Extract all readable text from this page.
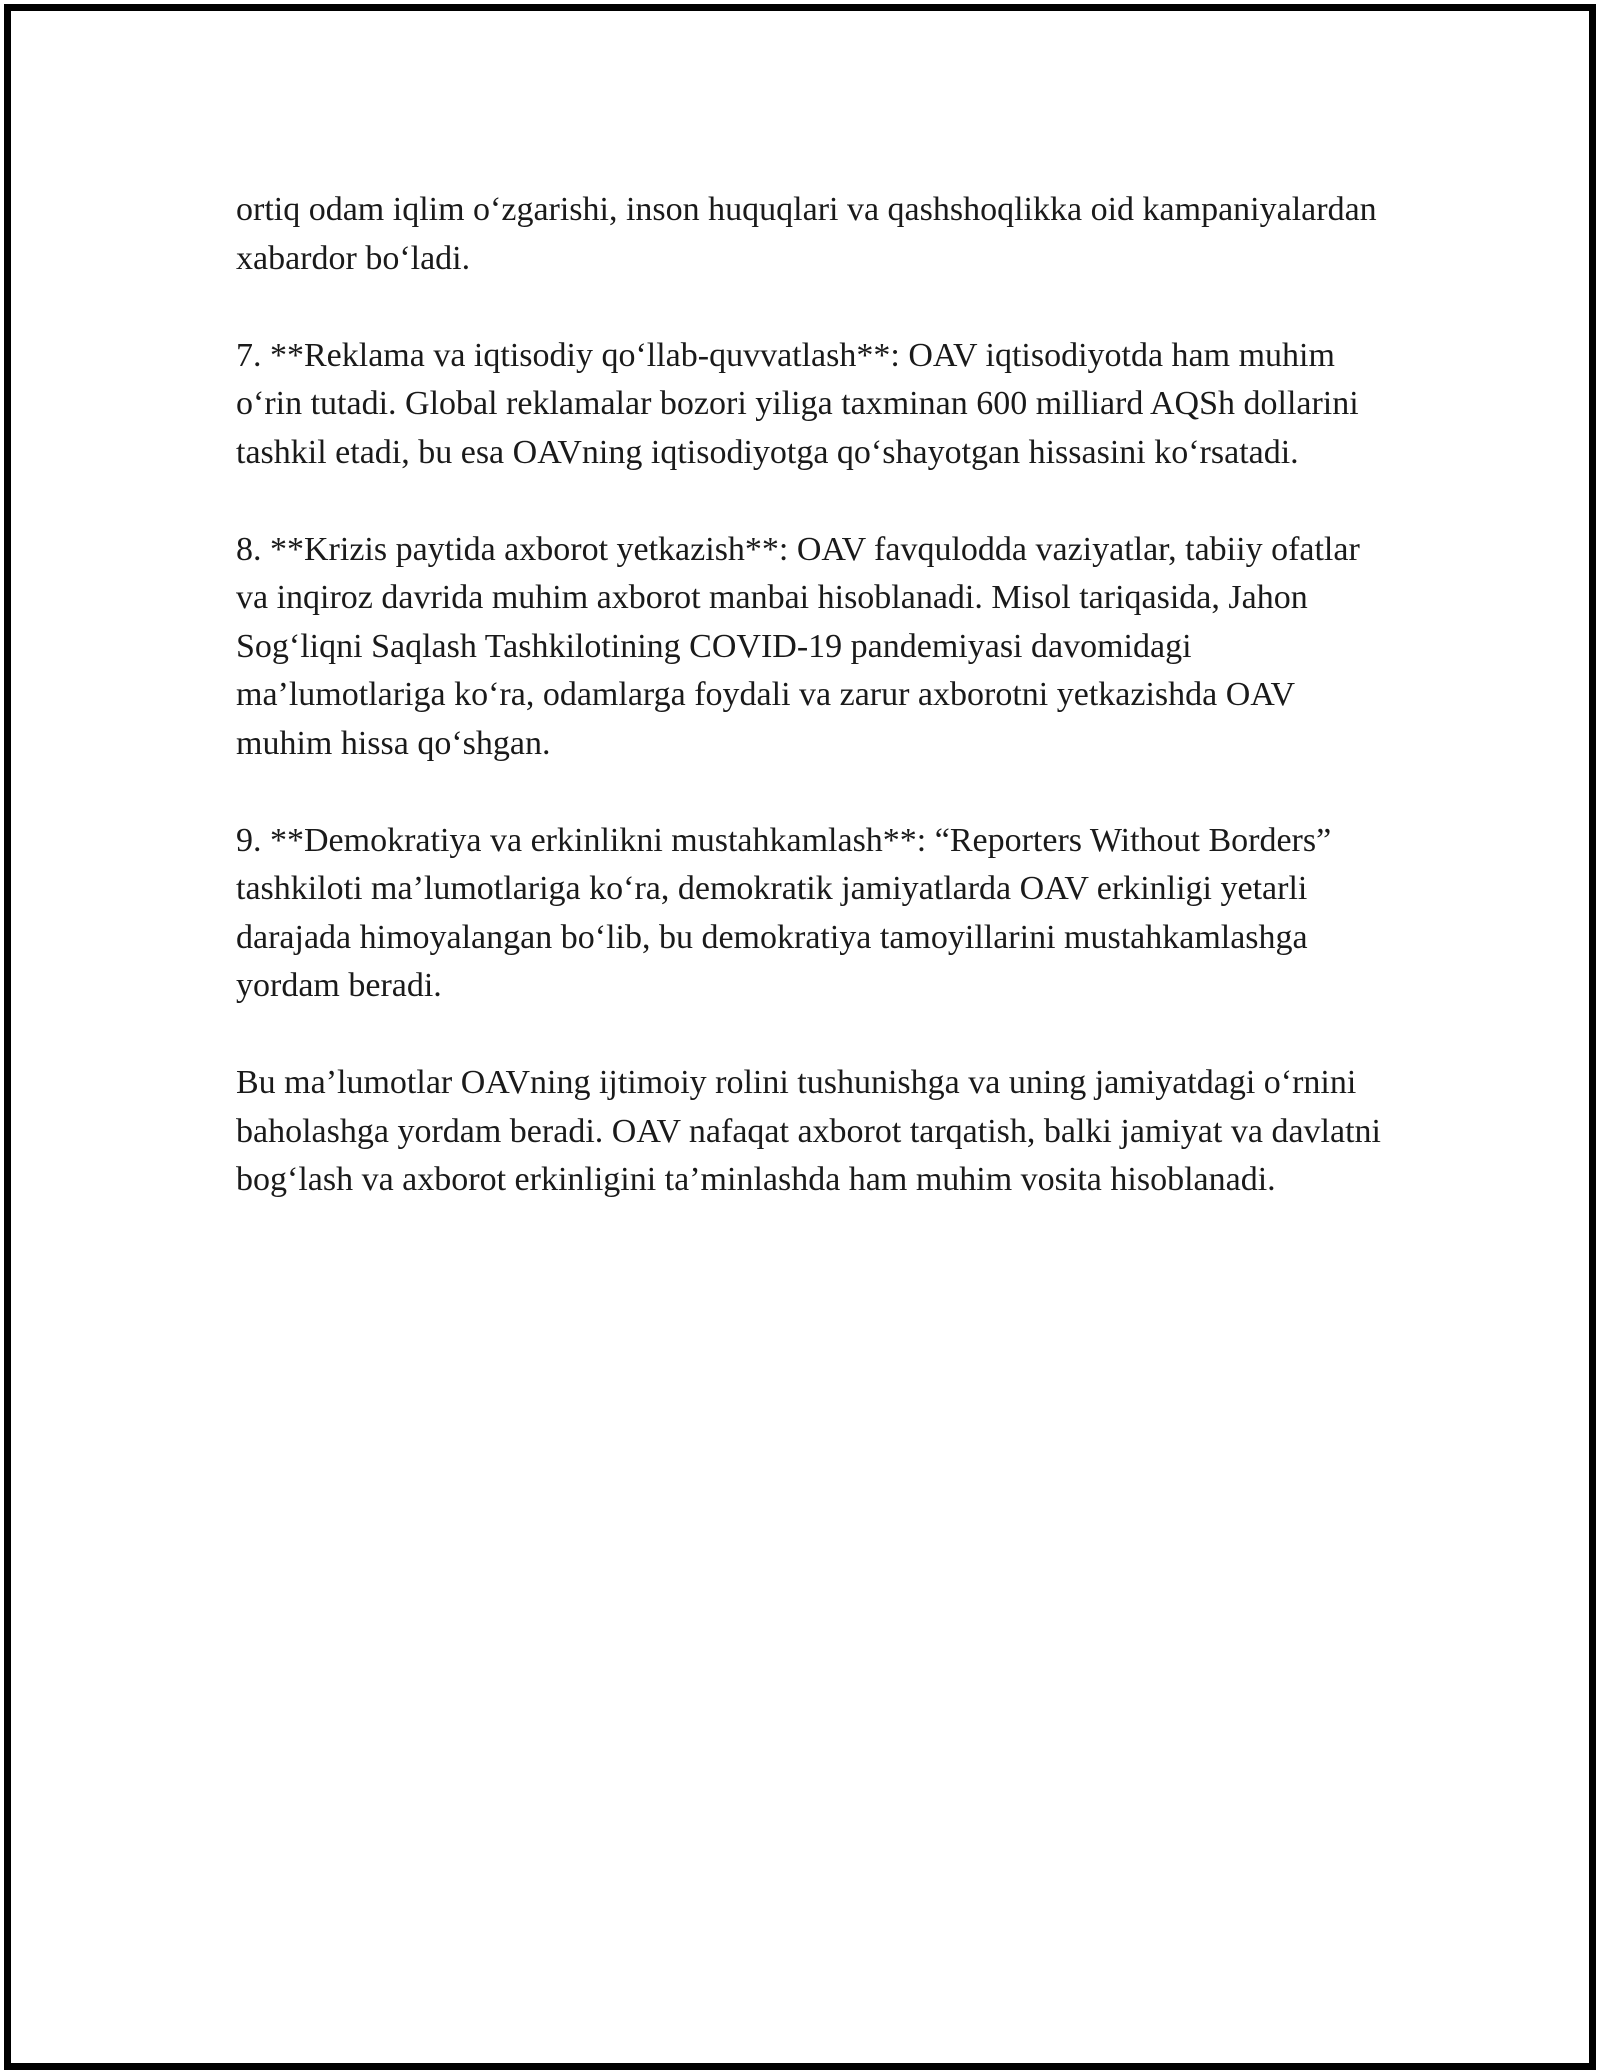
ortiq odam iqlim o‘zgarishi, inson huquqlari va qashshoqlikka oid kampaniyalardan xabardor bo‘ladi.

7. **Reklama va iqtisodiy qo‘llab-quvvatlash**: OAV iqtisodiyotda ham muhim o‘rin tutadi. Global reklamalar bozori yiliga taxminan 600 milliard AQSh dollarini tashkil etadi, bu esa OAVning iqtisodiyotga qo‘shayotgan hissasini ko‘rsatadi.

8. **Krizis paytida axborot yetkazish**: OAV favqulodda vaziyatlar, tabiiy ofatlar va inqiroz davrida muhim axborot manbai hisoblanadi. Misol tariqasida, Jahon Sog‘liqni Saqlash Tashkilotining COVID-19 pandemiyasi davomidagi ma’lumotlariga ko‘ra, odamlarga foydali va zarur axborotni yetkazishda OAV muhim hissa qo‘shgan.

9. **Demokratiya va erkinlikni mustahkamlash**: “Reporters Without Borders” tashkiloti ma’lumotlariga ko‘ra, demokratik jamiyatlarda OAV erkinligi yetarli darajada himoyalangan bo‘lib, bu demokratiya tamoyillarini mustahkamlashga yordam beradi.

Bu ma’lumotlar OAVning ijtimoiy rolini tushunishga va uning jamiyatdagi o‘rnini baholashga yordam beradi. OAV nafaqat axborot tarqatish, balki jamiyat va davlatni bog‘lash va axborot erkinligini ta’minlashda ham muhim vosita hisoblanadi.
